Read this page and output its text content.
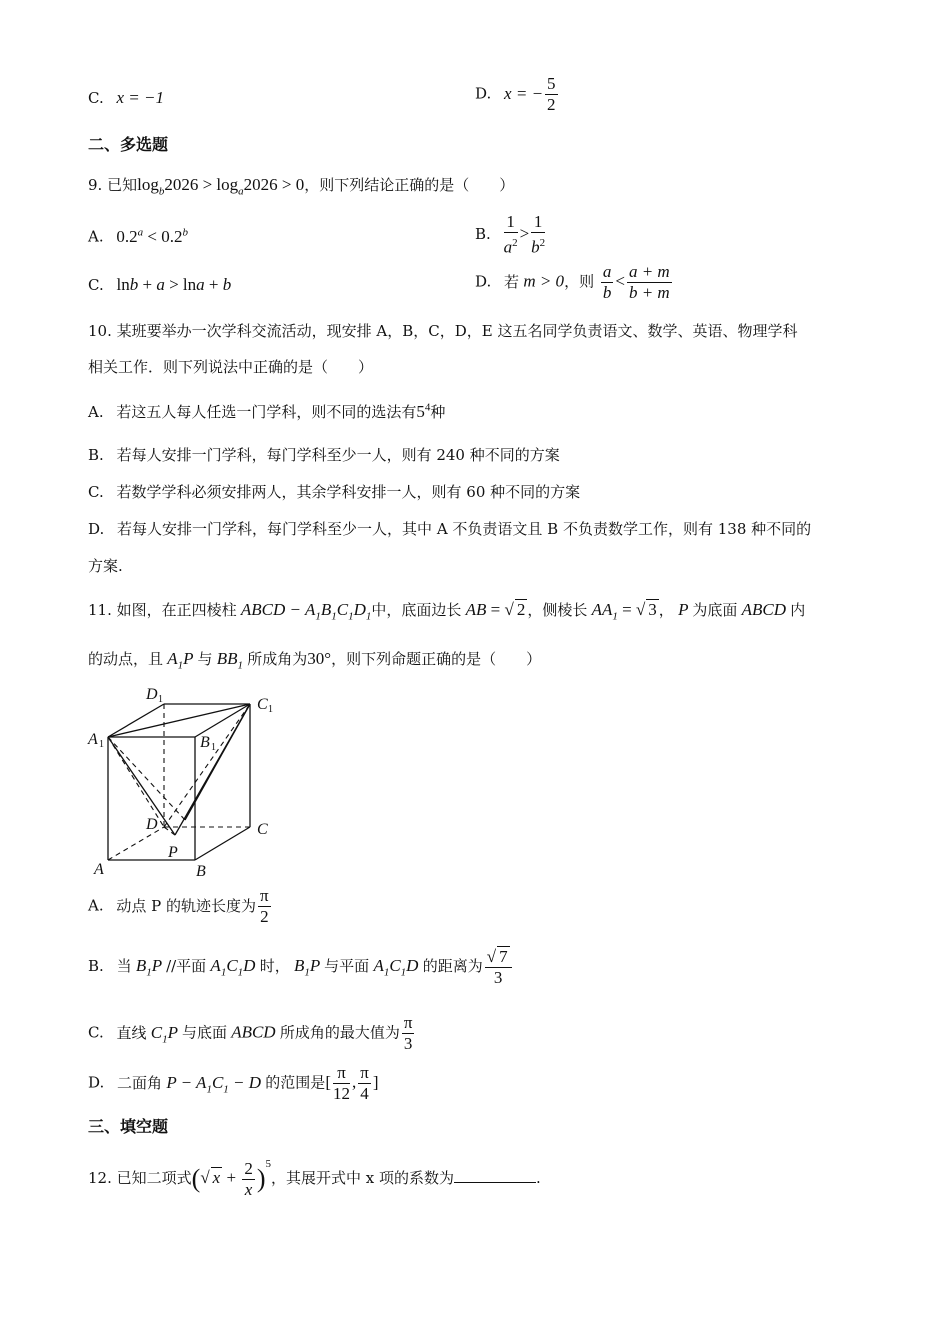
C. x = −1	D. x = − $\frac{5}{2}$
二、多选题
9. 已知$\log_b2026 > \log_a2026 > 0$，则下列结论正确的是（　　）
A. 0.2$^a$ < 0.2$^b$	B. $\frac{1}{a^2} > \frac{1}{b^2}$
C. lnb + a > lna + b	D. 若 m > 0，则 $\frac{a}{b} < \frac{a + m}{b + m}$
10. 某班要举办一次学科交流活动，现安排 A，B，C，D，E 这五名同学负责语文、数学、英语、物理学科
相关工作．则下列说法中正确的是（　　）
A. 若这五人每人任选一门学科，则不同的选法有$5^4$种
B. 若每人安排一门学科，每门学科至少一人，则有 240 种不同的方案
C. 若数学学科必须安排两人，其余学科安排一人，则有 60 种不同的方案
D. 若每人安排一门学科，每门学科至少一人，其中 A 不负责语文且 B 不负责数学工作，则有 138 种不同的
方案.
11. 如图，在正四棱柱 ABCD − $A_1B_1C_1D_1$中，底面边长 AB = √ 2 ，侧棱长 $AA_1$ = √ 3 ， P 为底面 ABCD 内
的动点，且 $A_1P$ 与 $BB_1$ 所成角为30°，则下列命题正确的是（　　）
D 1	C 1
A 1	B 1
D	C
A
P
B
A. 动点 P 的轨迹长度为 $\frac{\pi}{2}$
B. 当 $B_1P$ //平面 $A_1C_1D$ 时， $B_1P$ 与平面 $A_1C_1D$ 的距离为 $\frac{√ 7}{3}$
C. 直线 $C_1P$ 与底面 ABCD 所成角的最大值为 $\frac{\pi}{3}$
D. 二面角 $P - A_1C_1 - D$ 的范围是[ $\frac{\pi}{12}$ , $\frac{\pi}{4}$ ]
三、填空题
12. 已知二项式(√ $x + \frac{2}{x} )^5$，其展开式中 x 项的系数为	.
